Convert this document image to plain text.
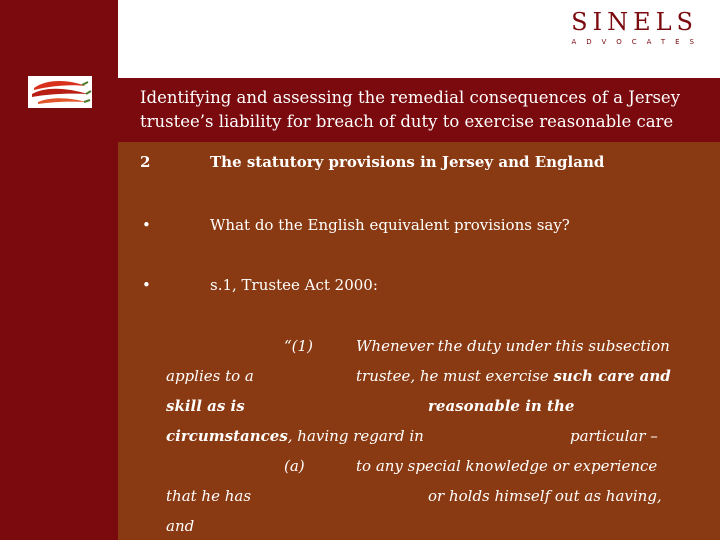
SINELS
ADVOCATES
Identifying and assessing the remedial consequences of a Jersey trustee’s liability for breach of duty to exercise reasonable care
2	The statutory provisions in Jersey and England
•	What do the English equivalent provisions say?
•	s.1, Trustee Act 2000:
“(1)	Whenever the duty under this subsection
applies to a	trustee, he must exercise such care and
skill as is	reasonable in the
circumstances, having regard in	particular –
(a)	to any special knowledge or experience
that he has	or holds himself out as having,
and
